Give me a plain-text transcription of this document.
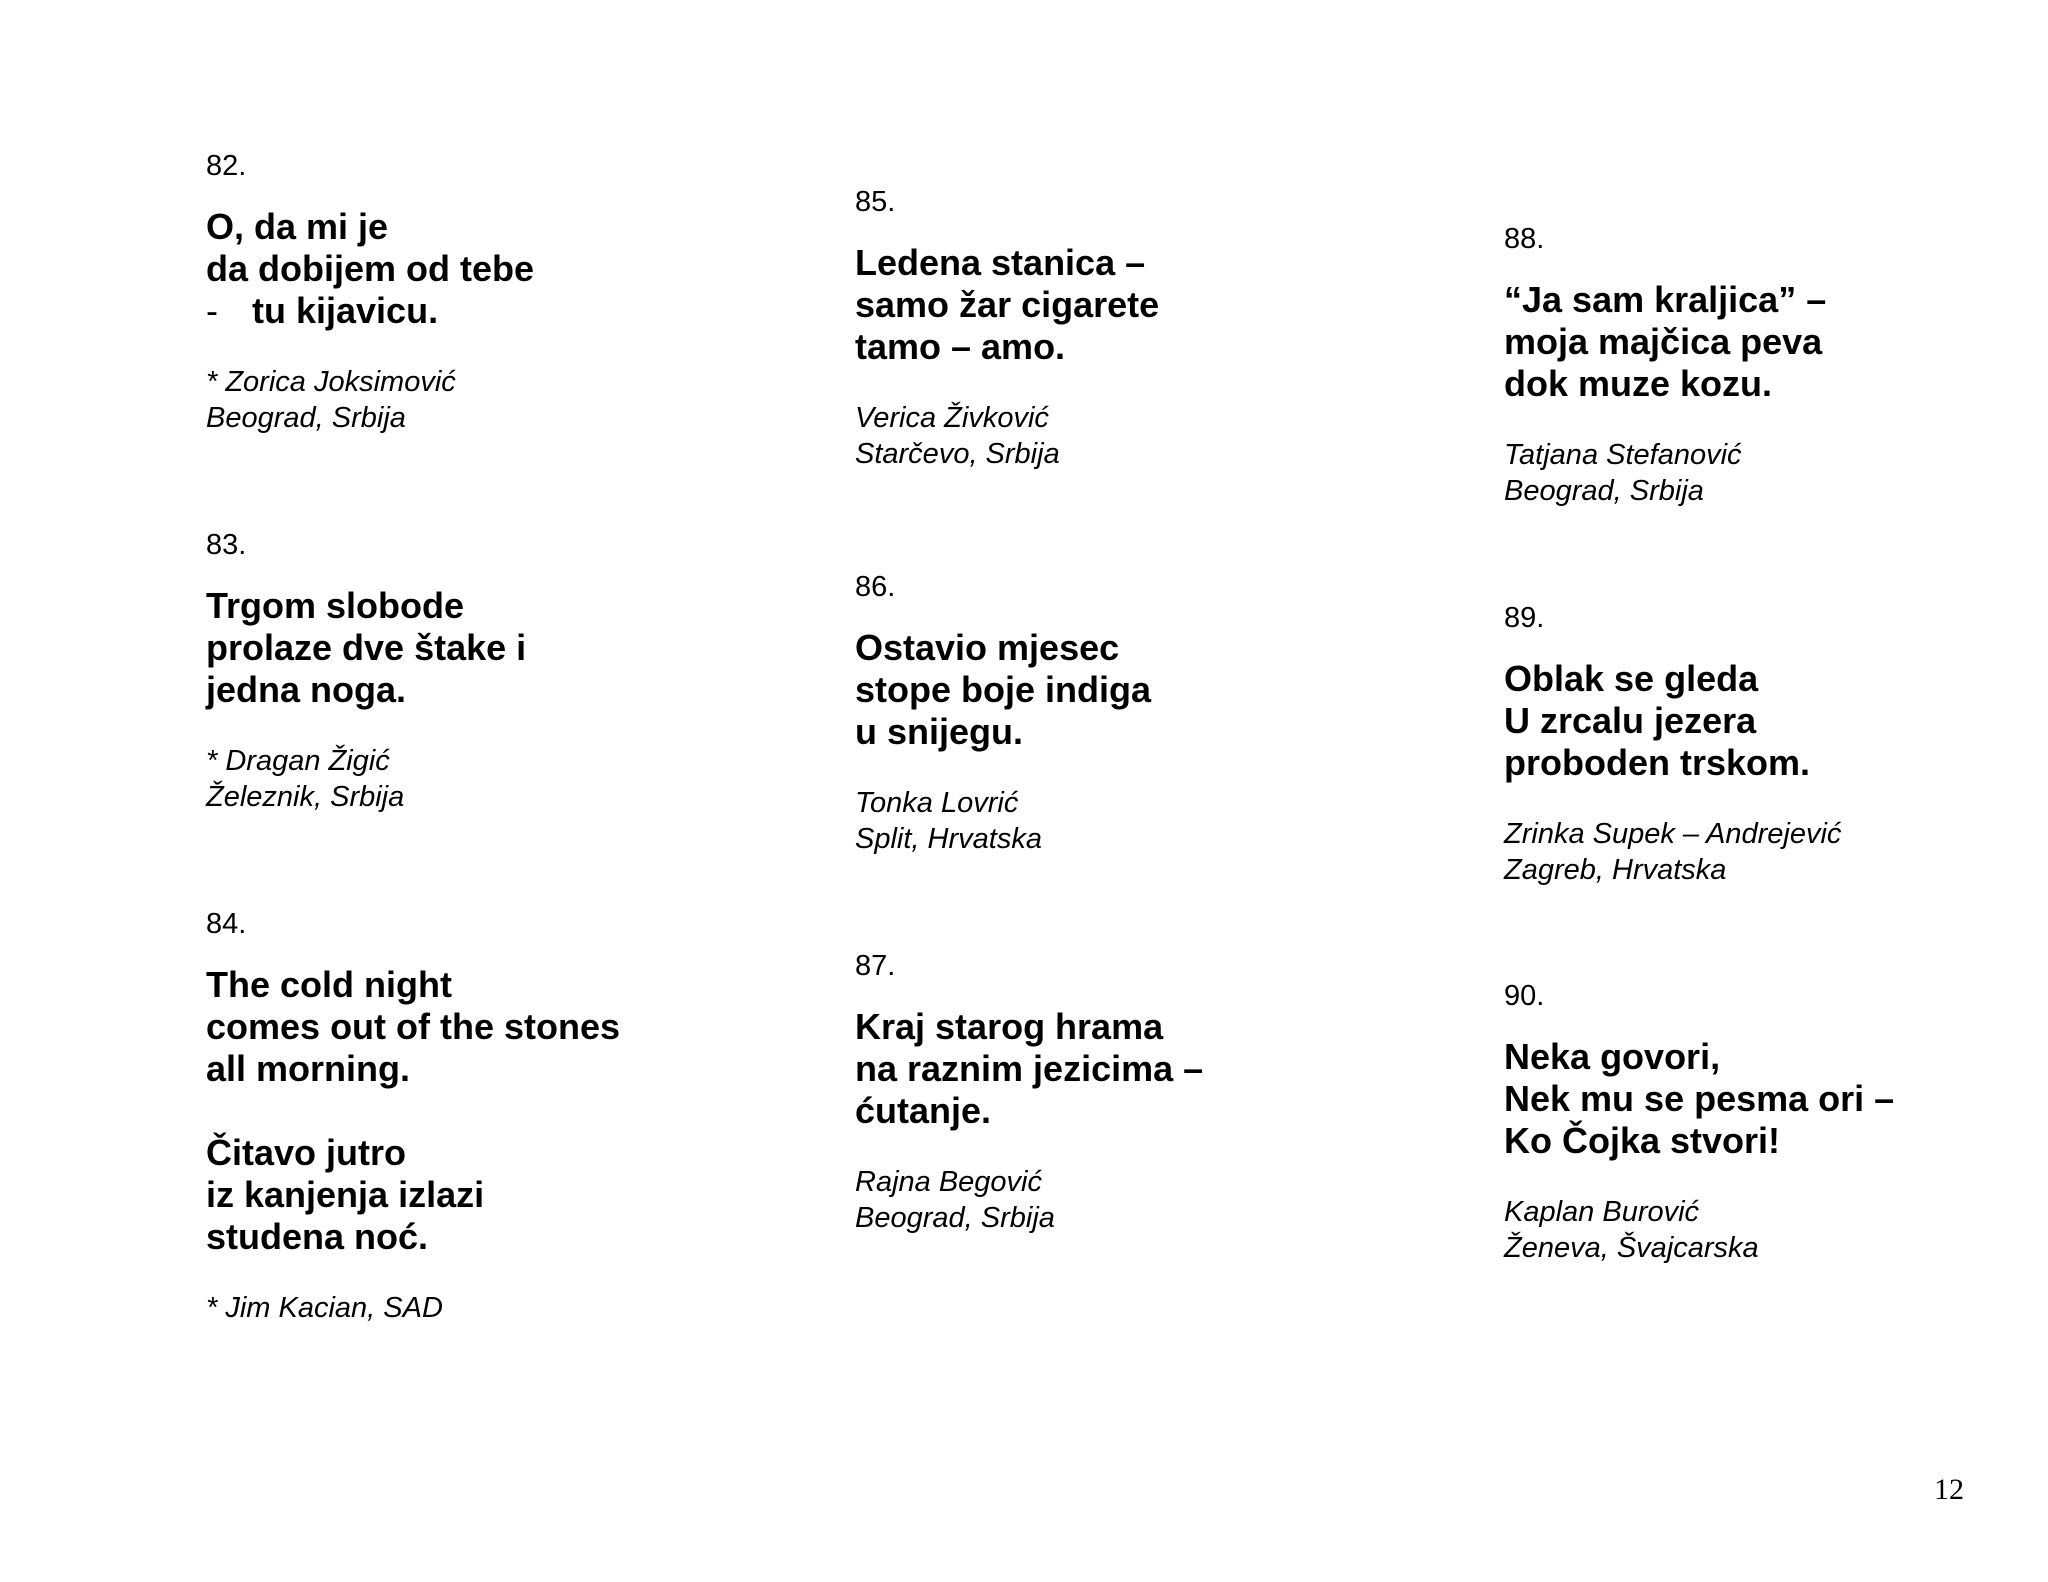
82.
O, da mi je
da dobijem od tebe
- tu kijavicu.
* Zorica Joksimović
Beograd, Srbija
83.
Trgom slobode
prolaze dve štake i
jedna noga.
* Dragan Žigić
Železnik, Srbija
84.
The cold night
comes out of the stones
all morning.
Čitavo jutro
iz kanjenja izlazi
studena noć.
* Jim Kacian, SAD
85.
Ledena stanica –
samo žar cigarete
tamo – amo.
Verica Živković
Starčevo, Srbija
86.
Ostavio mjesec
stope boje indiga
u snijegu.
Tonka Lovrić
Split, Hrvatska
87.
Kraj starog hrama
na raznim jezicima –
ćutanje.
Rajna Begović
Beograd, Srbija
88.
“Ja sam kraljica” –
moja majčica peva
dok muze kozu.
Tatjana Stefanović
Beograd, Srbija
89.
Oblak se gleda
U zrcalu jezera
proboden trskom.
Zrinka Supek – Andrejević
Zagreb, Hrvatska
90.
Neka govori,
Nek mu se pesma ori –
Ko Čojka stvori!
Kaplan Burović
Ženeva, Švajcarska
12
